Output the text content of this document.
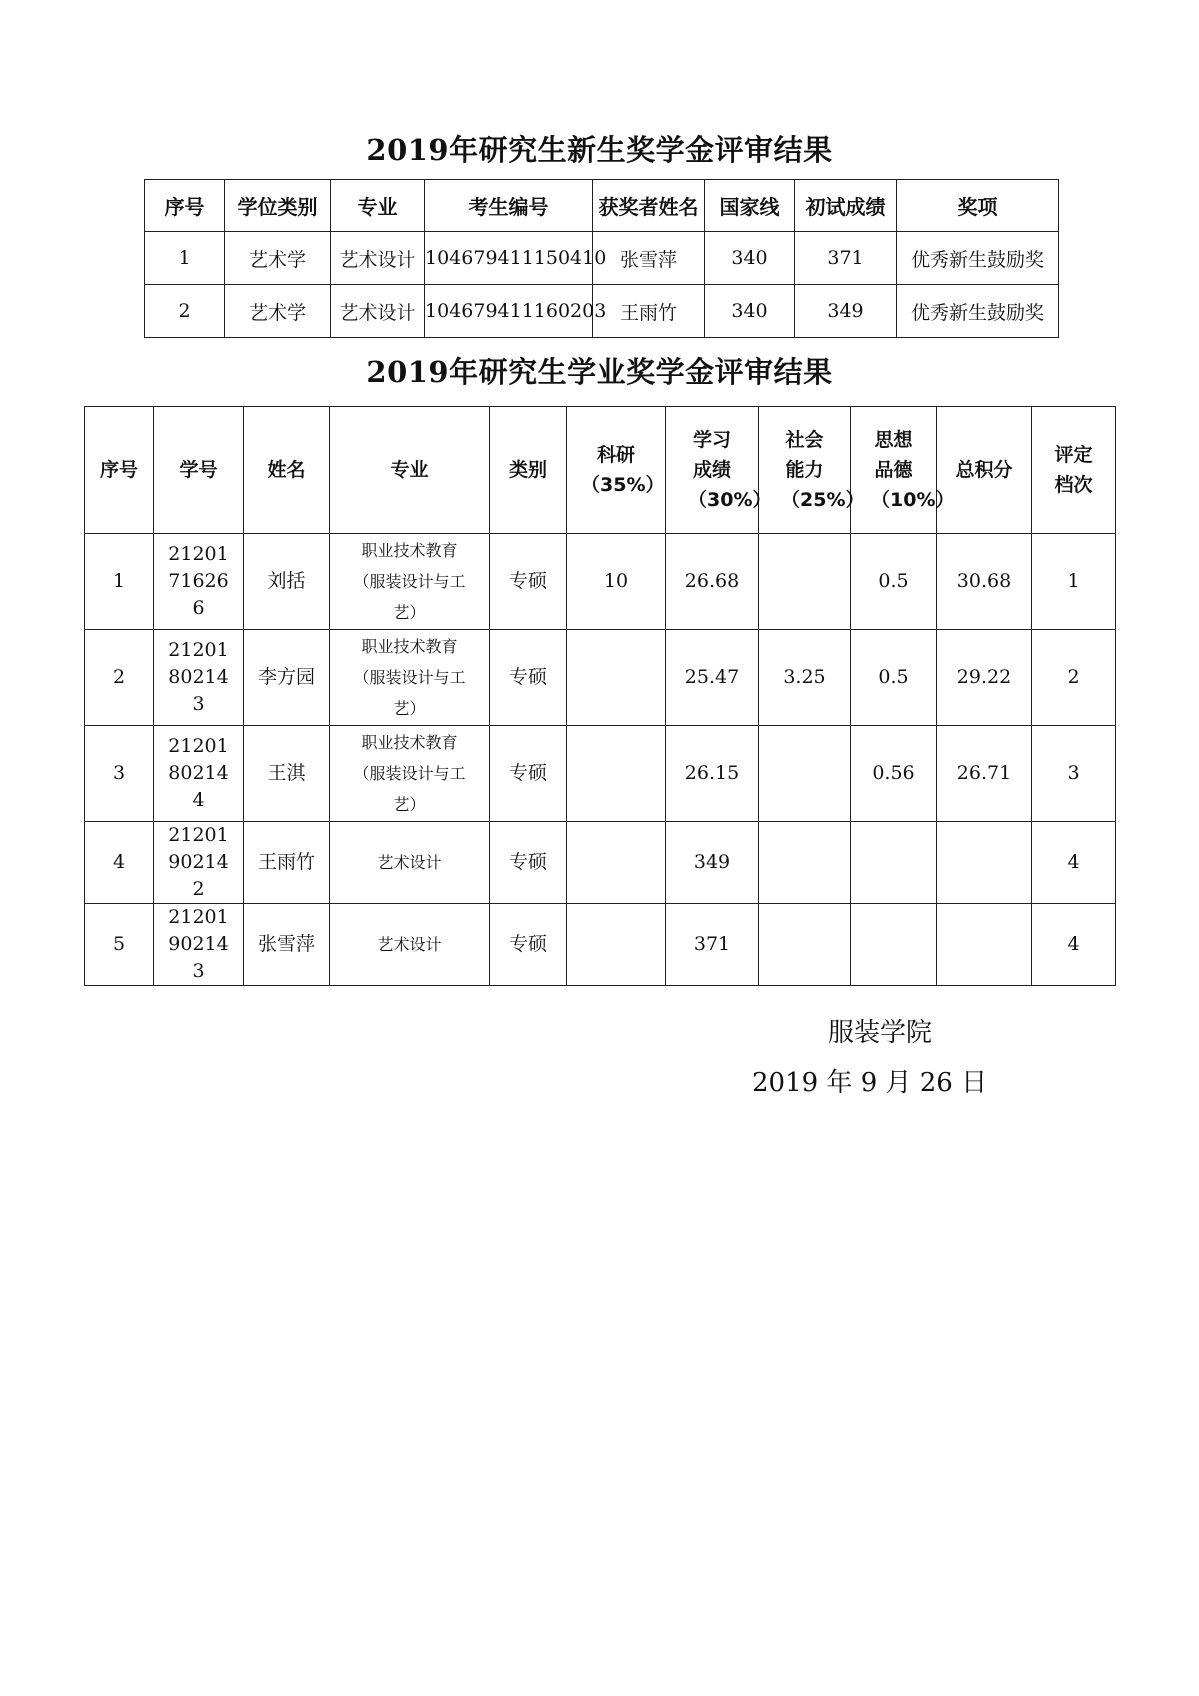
2019年研究生新生奖学金评审结果
序号	学位类别	专业	考生编号	获奖者姓名	国家线	初试成绩	奖项
1	艺术学	艺术设计	104679411150410	张雪萍	340	371	优秀新生鼓励奖
2	艺术学	艺术设计	104679411160203	王雨竹	340	349	优秀新生鼓励奖
2019年研究生学业奖学金评审结果
序号	学号	姓名	专业	类别	科研（35%）	学习成绩（30%）	社会能力（25%）	思想品德（10%）	总积分	评定档次
1	21201716266	刘括	职业技术教育（服装设计与工艺）	专硕	10	26.68		0.5	30.68	1
2	21201802143	李方园	职业技术教育（服装设计与工艺）	专硕		25.47	3.25	0.5	29.22	2
3	21201802144	王淇	职业技术教育（服装设计与工艺）	专硕		26.15		0.56	26.71	3
4	21201902142	王雨竹	艺术设计	专硕		349				4
5	21201902143	张雪萍	艺术设计	专硕		371				4
服装学院
2019 年 9 月 26 日
